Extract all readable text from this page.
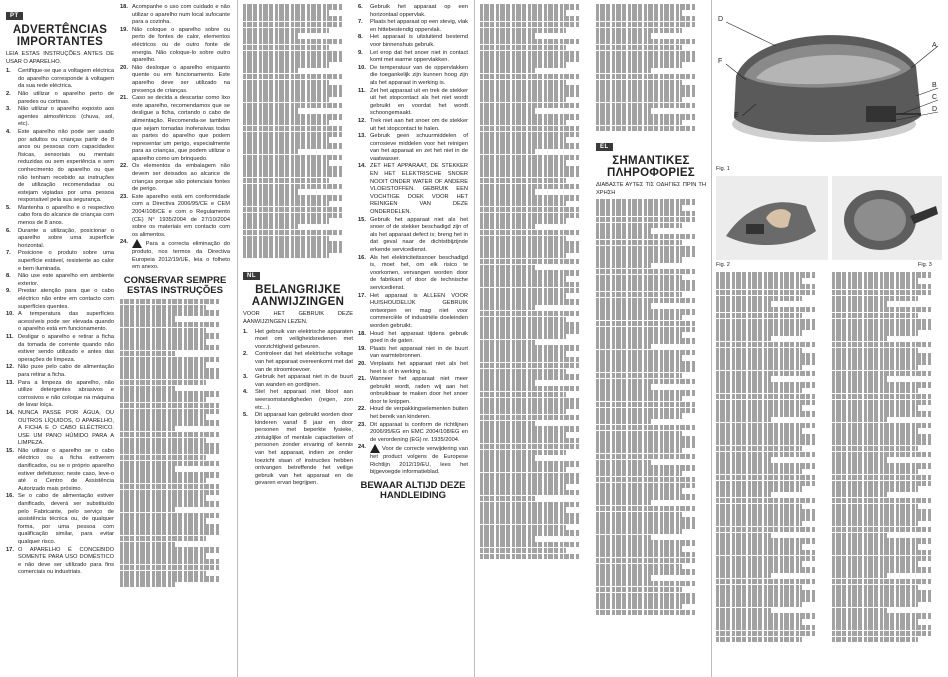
PT
ADVERTÊNCIAS IMPORTANTES

LEIA ESTAS INSTRUÇÕES ANTES DE USAR O APARELHO.

1. Certifique-se que a voltagem eléctrica do aparelho corresponde à voltagem da sua rede eléctrica.
2. Não utilizar o aparelho perto de paredes ou cortinas.
3. Não utilizar o aparelho exposto aos agentes atmosféricos (chuva, sol, etc).
4. Este aparelho não pode ser usado por adultos ou crianças partir de 8 anos ou pessoas com capacidades físicas, sensoriais ou mentais reduzidas ou sem experiência e sem conhecimento do aparelho ou que não tenham recebido as instruções de utilização recomendadas ou estejam vigiadas por uma pessoa responsável pela sua segurança.
5. Mantenha o aparelho e o respectivo cabo fora do alcance de crianças com menos de 8 anos.
6. Durante a utilização, posicionar o aparelho sobre uma superfície horizontal.
7. Posicione o produto sobre uma superfície estável, resistente ao calor e bem iluminada.
8. Não use este aparelho em ambiente exterior.
9. Prestar atenção para que o cabo eléctrico não entre em contacto com superfícies quentes.
10. A temperatura das superfícies acessíveis pode ser elevada quando o aparelho está em funcionamento.
11. Desligar o aparelho e retirar a ficha da tomada de corrente quando não estiver sendo utilizado e antes das operações de limpeza.
12. Não puxe pelo cabo de alimentação para retirar a ficha.
13. Para a limpeza do aparelho, não utilize detergentes abrasivos e corrosivos e não coloque na máquina de lavar loiça.
14. NUNCA PASSE POR ÁGUA, OU OUTROS LÍQUIDOS, O APARELHO, A FICHA E O CABO ELÉCTRICO. USE UM PANO HÚMIDO PARA A LIMPEZA.
15. Não utilizar o aparelho se o cabo eléctrico ou a ficha estiverem danificados, ou se o próprio aparelho estiver defeituoso; neste caso, leve-o até o Centro de Assistência Autorizado mais próximo.
16. Se o cabo de alimentação estiver danificado, deverá ser substituído pelo Fabricante, pelo serviço de assistência técnica ou, de qualquer forma, por uma pessoa com qualificação similar, para evitar qualquer risco.
17. O APARELHO É CONCEBIDO SOMENTE PARA USO DOMÉSTICO e não deve ser utilizado para fins comerciais ou industriais.
18. Acompanhe o uso com cuidado e não utilizar o aparelho num local sufocante para a cozinha.
19. Não coloque o aparelho sobre ou perto de fontes de calor, elementos eléctricos ou de outro fonte de energia. Não coloque-lo sobre outro aparelho.
20. Não desloque o aparelho enquanto quente ou em funcionamento. Este aparelho deve ser utilizado na presença de crianças.
21. Caso se decida a descartar como lixo este aparelho, recomendamos que se desligue a ficha, cortando o cabo de alimentação. Recomenda-se também que sejam tornadas inofensivas todas as partes do aparelho que podem representar um perigo, especialmente para as crianças, que podem utilizar o aparelho como um brinquedo.
22. Os elementos da embalagem não devem ser deixados ao alcance de crianças porque são potenciais fontes de perigo.
23. Este aparelho está em conformidade com a Directiva 2006/95/CE e CEM 2004/108/CE e com o Regulamento (CE) N° 1935/2004 de 27/10/2004 sobre os materiais em contacto com os alimentos.
24.	Para a correcta eliminação do produto, nos termos da Directiva Europeia 2012/19/UE, leia o folheto em anexo.
CONSERVAR SEMPRE ESTAS INSTRUÇÕES
NL
BELANGRIJKE AANWIJZINGEN

VOOR HET GEBRUIK DEZE AANWIJZINGEN LEZEN.

1. Het gebruik van elektrische apparaten moet om veiligheidsredenen met voorzichtigheid gebeuren.
2. Controleer dat het elektrische voltage van het apparaat overeenkomt met dat van de stroomtoevoer.
3. Gebruik het apparaat niet in de buurt van wanden en gordijnen.
4. Stel het apparaat niet bloot aan weersomstandigheden (regen, zon etc...).
5. Dit apparaat kan gebruikt worden door kinderen vanaf 8 jaar en door personen met beperkte fysieke, zintuiglijke of mentale capaciteiten of personen zonder ervaring of kennis van het apparaat, indien ze onder toezicht staan of instructies hebben ontvangen betreffende het veilige gebruik van het apparaat en de gevaren ervan begrijpen.
6. Gebruik het apparaat op een horizontaal oppervlak.
7. Plaats het apparaat op een stevig, vlak en hittebestendig oppervlak.
8. Het apparaat is uitsluitend bestemd voor binnenshuis gebruik.
9. Let erop dat het snoer niet in contact komt met warme oppervlakken.
10. De temperatuur van de oppervlakken die toegankelijk zijn kunnen hoog zijn als het apparaat in werking is.
11. Zet het apparaat uit en trek de stekker uit het stopcontact als het niet wordt gebruikt en voordat het wordt schoongemaakt.
12. Trek niet aan het snoer om de stekker uit het stopcontact te halen.
13. Gebruik geen schuurmiddelen of corrosieve middelen voor het reinigen van het apparaat en zet het niet in de vaatwasser.
14. ZET HET APPARAAT, DE STEKKER EN HET ELEKTRISCHE SNOER NOOIT ONDER WATER OF ANDERE VLOEISTOFFEN. GEBRUIK EEN VOCHTIGE DOEK VOOR HET REINIGEN VAN DEZE ONDERDELEN.
15. Gebruik het apparaat niet als het snoer of de stekker beschadigd zijn of als het apparaat defect is; breng het in dat geval naar de dichtstbijzijnde erkende servicedienst.
16. Als het elektriciteitssnoer beschadigd is, moet het, om elk risico te voorkomen, vervangen worden door de fabrikant of door de technische servicedienst.
17. Het apparaat is ALLEEN VOOR HUISHOUDELIJK GEBRUIK ontworpen en mag niet voor commerciële of industriële doeleinden worden gebruikt.
18. Houd het apparaat tijdens gebruik goed in de gaten.
19. Plaats het apparaat niet in de buurt van warmtebronnen.
20. Verplaats het apparaat niet als het heet is of in werking is.
21. Wanneer het apparaat niet meer gebruikt wordt, raden wij aan het onbruikbaar te maken door het snoer door te knippen.
22. Houd de verpakkingselementen buiten het bereik van kinderen.
23. Dit apparaat is conform de richtlijnen 2006/95/EG en EMC 2004/108/EG en de verordening (EG) nr. 1935/2004.
24.	Voor de correcte verwijdering van het product volgens de Europese Richtlijn 2012/19/EU, lees het bijgevoegde informatieblad.
BEWAAR ALTIJD DEZE HANDLEIDING
EL
ΣΗΜΑΝΤΙΚΕΣ ΠΛΗΡΟΦΟΡΙΕΣ

ΔΙΑΒΑΣΤΕ ΑΥΤΕΣ ΤΙΣ ΟΔΗΓΙΕΣ ΠΡΙΝ ΤΗ ΧΡΗΣΗ

D
A
F
E
B
C
D
Fig. 1
Fig. 2	Fig. 3
